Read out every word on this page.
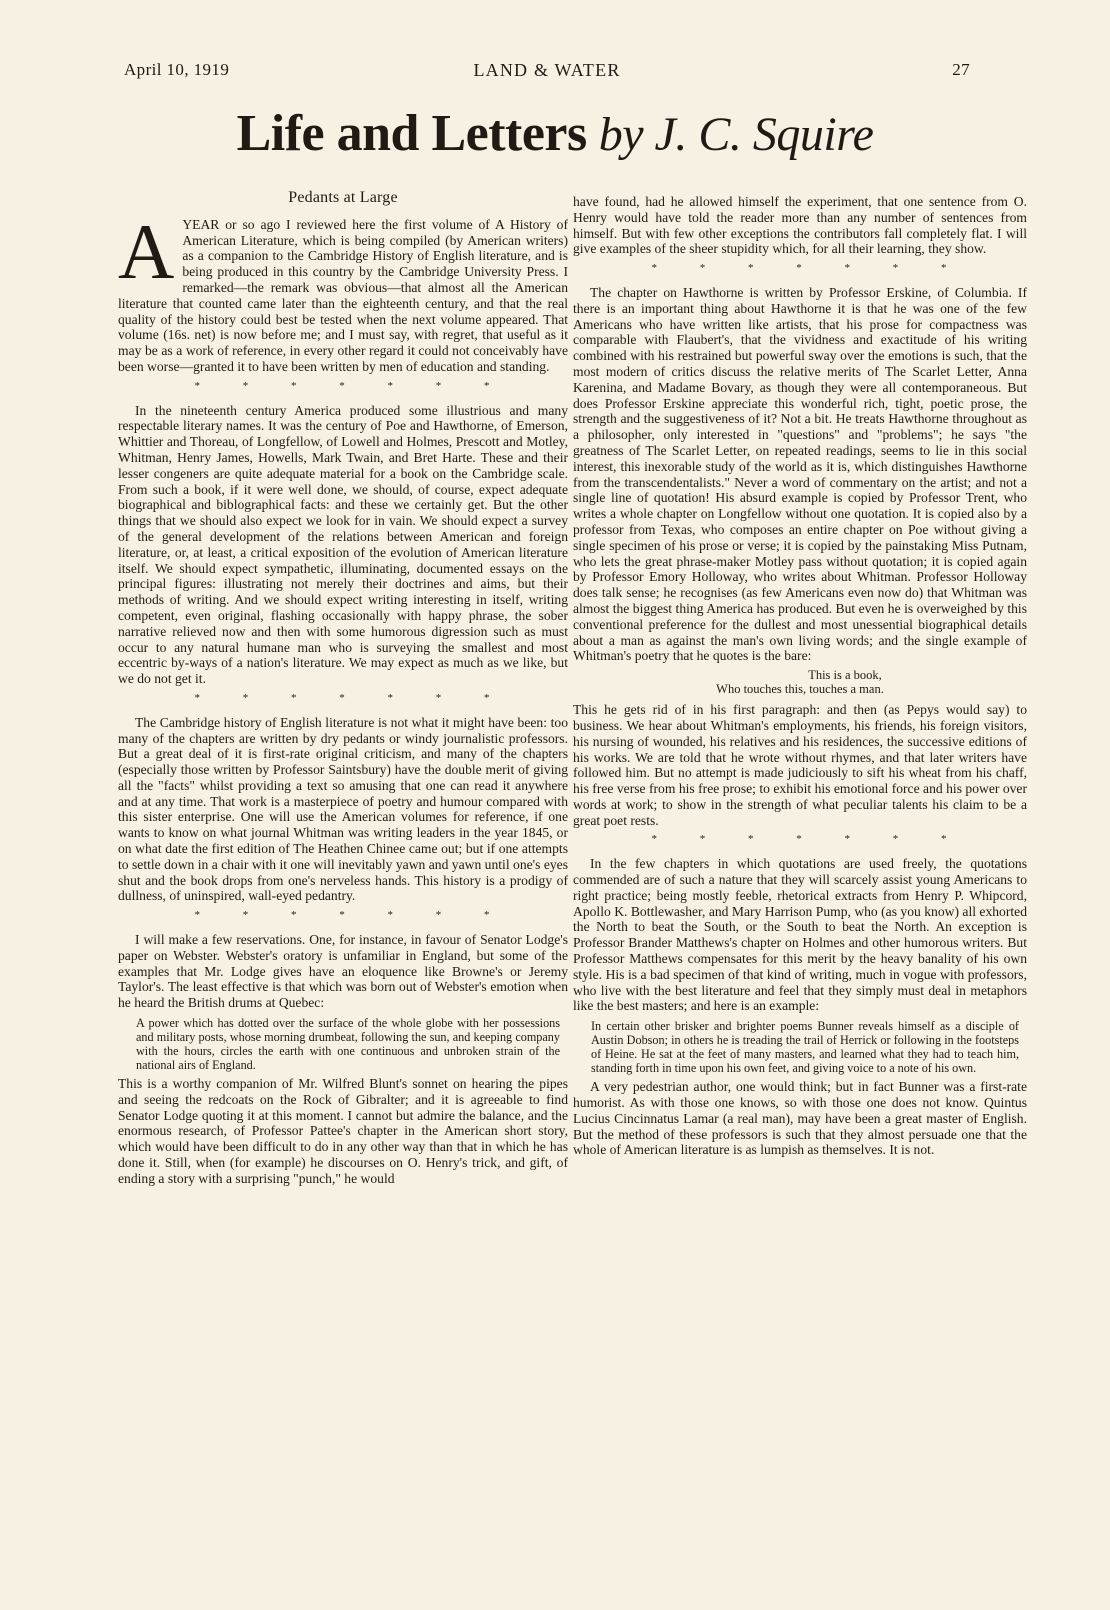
April 10, 1919	LAND & WATER	27
Life and Letters by J. C. Squire
Pedants at Large

AYEAR or so ago I reviewed here the first volume of A History of American Literature, which is being compiled (by American writers) as a companion to the Cambridge History of English literature, and is being produced in this country by the Cambridge University Press. I remarked—the remark was obvious—that almost all the American literature that counted came later than the eighteenth century, and that the real quality of the history could best be tested when the next volume appeared. That volume (16s. net) is now before me; and I must say, with regret, that useful as it may be as a work of reference, in every other regard it could not conceivably have been worse—granted it to have been written by men of education and standing.

* * * * * * *

In the nineteenth century America produced some illustrious and many respectable literary names. It was the century of Poe and Hawthorne, of Emerson, Whittier and Thoreau, of Longfellow, of Lowell and Holmes, Prescott and Motley, Whitman, Henry James, Howells, Mark Twain, and Bret Harte. These and their lesser congeners are quite adequate material for a book on the Cambridge scale. From such a book, if it were well done, we should, of course, expect adequate biographical and biblographical facts: and these we certainly get. But the other things that we should also expect we look for in vain. We should expect a survey of the general development of the relations between American and foreign literature, or, at least, a critical exposition of the evolution of American literature itself. We should expect sympathetic, illuminating, documented essays on the principal figures: illustrating not merely their doctrines and aims, but their methods of writing. And we should expect writing interesting in itself, writing competent, even original, flashing occasionally with happy phrase, the sober narrative relieved now and then with some humorous digression such as must occur to any natural humane man who is surveying the smallest and most eccentric by-ways of a nation's literature. We may expect as much as we like, but we do not get it.

* * * * * * *

The Cambridge history of English literature is not what it might have been: too many of the chapters are written by dry pedants or windy journalistic professors. But a great deal of it is first-rate original criticism, and many of the chapters (especially those written by Professor Saintsbury) have the double merit of giving all the "facts" whilst providing a text so amusing that one can read it anywhere and at any time. That work is a masterpiece of poetry and humour compared with this sister enterprise. One will use the American volumes for reference, if one wants to know on what journal Whitman was writing leaders in the year 1845, or on what date the first edition of The Heathen Chinee came out; but if one attempts to settle down in a chair with it one will inevitably yawn and yawn until one's eyes shut and the book drops from one's nerveless hands. This history is a prodigy of dullness, of uninspired, wall-eyed pedantry.

* * * * * * *

I will make a few reservations. One, for instance, in favour of Senator Lodge's paper on Webster. Webster's oratory is unfamiliar in England, but some of the examples that Mr. Lodge gives have an eloquence like Browne's or Jeremy Taylor's. The least effective is that which was born out of Webster's emotion when he heard the British drums at Quebec:

A power which has dotted over the surface of the whole globe with her possessions and military posts, whose morning drumbeat, following the sun, and keeping company with the hours, circles the earth with one continuous and unbroken strain of the national airs of England.

This is a worthy companion of Mr. Wilfred Blunt's sonnet on hearing the pipes and seeing the redcoats on the Rock of Gibralter; and it is agreeable to find Senator Lodge quoting it at this moment. I cannot but admire the balance, and the enormous research, of Professor Pattee's chapter in the American short story, which would have been difficult to do in any other way than that in which he has done it. Still, when (for example) he discourses on O. Henry's trick, and gift, of ending a story with a surprising "punch," he would

have found, had he allowed himself the experiment, that one sentence from O. Henry would have told the reader more than any number of sentences from himself. But with few other exceptions the contributors fall completely flat. I will give examples of the sheer stupidity which, for all their learning, they show.

* * * * * * *

The chapter on Hawthorne is written by Professor Erskine, of Columbia. If there is an important thing about Hawthorne it is that he was one of the few Americans who have written like artists, that his prose for compactness was comparable with Flaubert's, that the vividness and exactitude of his writing combined with his restrained but powerful sway over the emotions is such, that the most modern of critics discuss the relative merits of The Scarlet Letter, Anna Karenina, and Madame Bovary, as though they were all contemporaneous. But does Professor Erskine appreciate this wonderful rich, tight, poetic prose, the strength and the suggestiveness of it? Not a bit. He treats Hawthorne throughout as a philosopher, only interested in "questions" and "problems"; he says "the greatness of The Scarlet Letter, on repeated readings, seems to lie in this social interest, this inexorable study of the world as it is, which distinguishes Hawthorne from the transcendentalists." Never a word of commentary on the artist; and not a single line of quotation! His absurd example is copied by Professor Trent, who writes a whole chapter on Longfellow without one quotation. It is copied also by a professor from Texas, who composes an entire chapter on Poe without giving a single specimen of his prose or verse; it is copied by the painstaking Miss Putnam, who lets the great phrase-maker Motley pass without quotation; it is copied again by Professor Emory Holloway, who writes about Whitman. Professor Holloway does talk sense; he recognises (as few Americans even now do) that Whitman was almost the biggest thing America has produced. But even he is overweighed by this conventional preference for the dullest and most unessential biographical details about a man as against the man's own living words; and the single example of Whitman's poetry that he quotes is the bare:

This is a book,
Who touches this, touches a man.

This he gets rid of in his first paragraph: and then (as Pepys would say) to business. We hear about Whitman's employments, his friends, his foreign visitors, his nursing of wounded, his relatives and his residences, the successive editions of his works. We are told that he wrote without rhymes, and that later writers have followed him. But no attempt is made judiciously to sift his wheat from his chaff, his free verse from his free prose; to exhibit his emotional force and his power over words at work; to show in the strength of what peculiar talents his claim to be a great poet rests.

* * * * * * *

In the few chapters in which quotations are used freely, the quotations commended are of such a nature that they will scarcely assist young Americans to right practice; being mostly feeble, rhetorical extracts from Henry P. Whipcord, Apollo K. Bottlewasher, and Mary Harrison Pump, who (as you know) all exhorted the North to beat the South, or the South to beat the North. An exception is Professor Brander Matthews's chapter on Holmes and other humorous writers. But Professor Matthews compensates for this merit by the heavy banality of his own style. His is a bad specimen of that kind of writing, much in vogue with professors, who live with the best literature and feel that they simply must deal in metaphors like the best masters; and here is an example:

In certain other brisker and brighter poems Bunner reveals himself as a disciple of Austin Dobson; in others he is treading the trail of Herrick or following in the footsteps of Heine. He sat at the feet of many masters, and learned what they had to teach him, standing forth in time upon his own feet, and giving voice to a note of his own.

A very pedestrian author, one would think; but in fact Bunner was a first-rate humorist. As with those one knows, so with those one does not know. Quintus Lucius Cincinnatus Lamar (a real man), may have been a great master of English. But the method of these professors is such that they almost persuade one that the whole of American literature is as lumpish as themselves. It is not.
